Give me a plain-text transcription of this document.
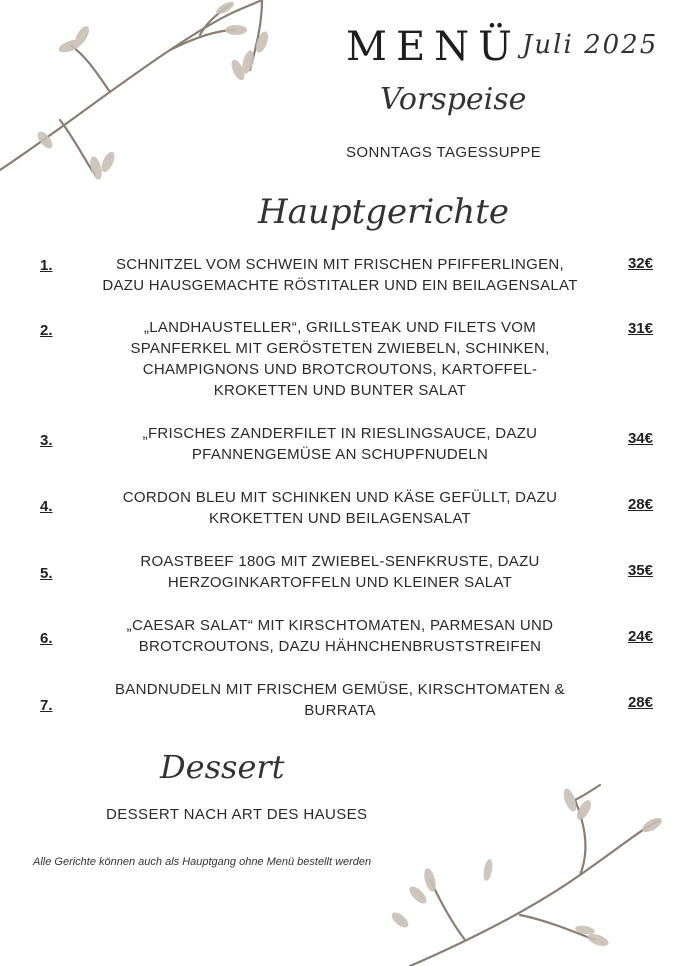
MENÜ Juli 2025
Vorspeise
SONNTAGS TAGESSUPPE
Hauptgerichte
1.	SCHNITZEL VOM SCHWEIN MIT FRISCHEN PFIFFERLINGEN,
DAZU HAUSGEMACHTE RÖSTITALER UND EIN BEILAGENSALAT
32€
2.	„LANDHAUSTELLER“, GRILLSTEAK UND FILETS VOM
SPANFERKEL MIT GERÖSTETEN ZWIEBELN, SCHINKEN,
CHAMPIGNONS UND BROTCROUTONS, KARTOFFEL-
KROKETTEN UND BUNTER SALAT
31€
3.	„FRISCHES ZANDERFILET IN RIESLINGSAUCE, DAZU
PFANNENGEMÜSE AN SCHUPFNUDELN
34€
4.
CORDON BLEU MIT SCHINKEN UND KÄSE GEFÜLLT, DAZU
KROKETTEN UND BEILAGENSALAT
28€
5.
ROASTBEEF 180G MIT ZWIEBEL-SENFKRUSTE, DAZU
HERZOGINKARTOFFELN UND KLEINER SALAT
35€
6.
„CAESAR SALAT“ MIT KIRSCHTOMATEN, PARMESAN UND
BROTCROUTONS, DAZU HÄHNCHENBRUSTSTREIFEN
24€
7.
BANDNUDELN MIT FRISCHEM GEMÜSE, KIRSCHTOMATEN &
BURRATA	28€
Dessert
DESSERT NACH ART DES HAUSES
Alle Gerichte können auch als Hauptgang ohne Menü bestellt werden
